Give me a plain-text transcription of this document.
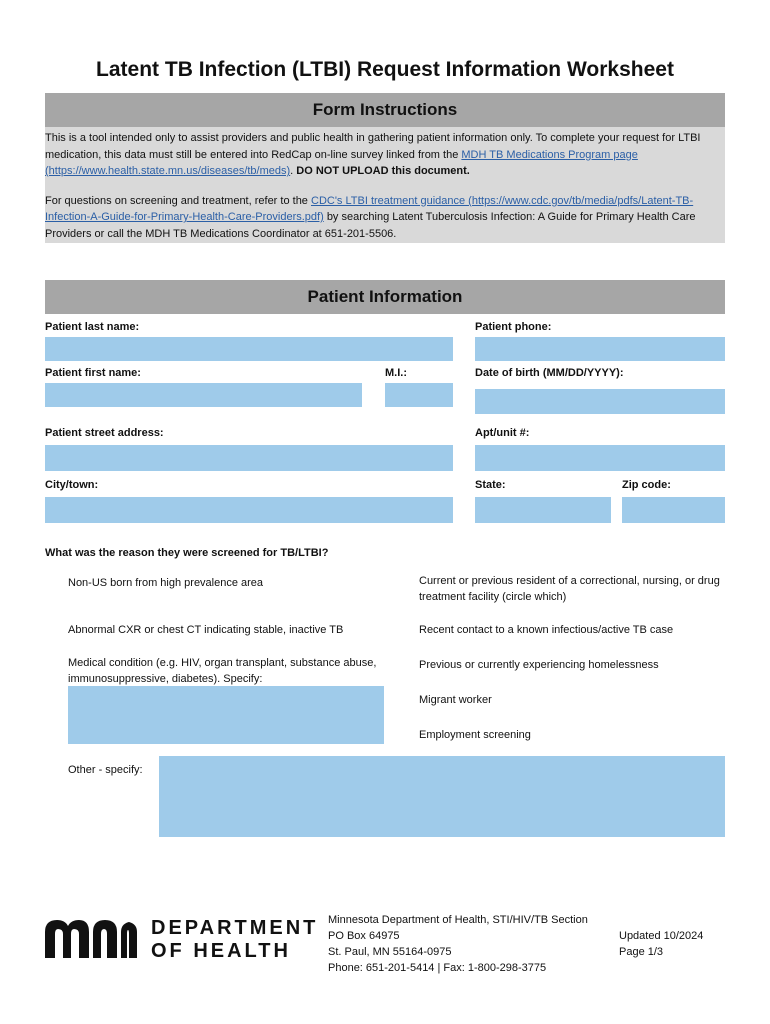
Latent TB Infection (LTBI) Request Information Worksheet
Form Instructions

This is a tool intended only to assist providers and public health in gathering patient information only. To complete your request for LTBI medication, this data must still be entered into RedCap on-line survey linked from the MDH TB Medications Program page (https://www.health.state.mn.us/diseases/tb/meds). DO NOT UPLOAD this document.

For questions on screening and treatment, refer to the CDC's LTBI treatment guidance (https://www.cdc.gov/tb/media/pdfs/Latent-TB-Infection-A-Guide-for-Primary-Health-Care-Providers.pdf) by searching Latent Tuberculosis Infection: A Guide for Primary Health Care Providers or call the MDH TB Medications Coordinator at 651-201-5506.

Patient Information
Patient last name:	Patient phone:
Patient first name:	M.I.:	Date of birth (MM/DD/YYYY):
Patient street address:	Apt/unit #:
City/town:	State:	Zip code:
What was the reason they were screened for TB/LTBI?
Non-US born from high prevalence area	Current or previous resident of a correctional, nursing, or drug treatment facility (circle which)
Abnormal CXR or chest CT indicating stable, inactive TB	Recent contact to a known infectious/active TB case
Medical condition (e.g. HIV, organ transplant, substance abuse, immunosuppressive, diabetes). Specify:
Previous or currently experiencing homelessness
Migrant worker
Employment screening
Other - specify:
DEPARTMENT
OF HEALTH
Minnesota Department of Health, STI/HIV/TB Section
PO Box 64975
St. Paul, MN 55164-0975
Phone: 651-201-5414 | Fax: 1-800-298-3775
Updated 10/2024
Page 1/3
